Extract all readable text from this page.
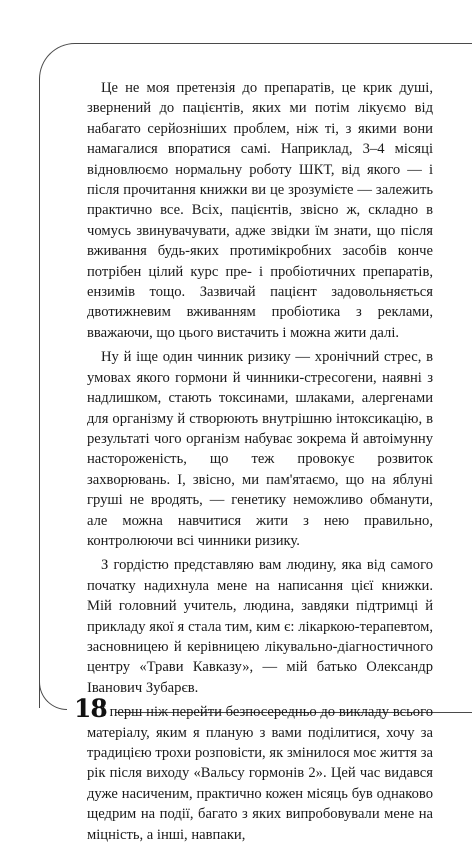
Це не моя претензія до препаратів, це крик душі, звернений до пацієнтів, яких ми потім лікуємо від набагато серйозніших проблем, ніж ті, з якими вони намагалися впоратися самі. Наприклад, 3–4 місяці відновлюємо нормальну роботу ШКТ, від якого — і після прочитання книжки ви це зрозумієте — залежить практично все. Всіх, пацієнтів, звісно ж, складно в чомусь звинувачувати, адже звідки їм знати, що після вживання будь-яких протимікробних засобів конче потрібен цілий курс пре- і пробіотичних препаратів, ензимів тощо. Зазвичай пацієнт задовольняється двотижневим вживанням пробіотика з реклами, вважаючи, що цього вистачить і можна жити далі.

Ну й іще один чинник ризику — хронічний стрес, в умовах якого гормони й чинники-стресогени, наявні з надлишком, стають токсинами, шлаками, алергенами для організму й створюють внутрішню інтоксикацію, в результаті чого організм набуває зокрема й автоімунну настороженість, що теж провокує розвиток захворювань. І, звісно, ми пам'ятаємо, що на яблуні груші не вродять, — генетику неможливо обманути, але можна навчитися жити з нею правильно, контролюючи всі чинники ризику.

З гордістю представляю вам людину, яка від самого початку надихнула мене на написання цієї книжки. Мій головний учитель, людина, завдяки підтримці й прикладу якої я стала тим, ким є: лікаркою-терапевтом, засновницею й керівницею лікувально-діагностичного центру «Трави Кавказу», — мій батько Олександр Іванович Зубарєв.

І перш ніж перейти безпосередньо до викладу всього матеріалу, яким я планую з вами поділитися, хочу за традицією трохи розповісти, як змінилося моє життя за рік після виходу «Вальсу гормонів 2». Цей час видався дуже насиченим, практично кожен місяць був однаково щедрим на події, багато з яких випробовували мене на міцність, а інші, навпаки,

18
